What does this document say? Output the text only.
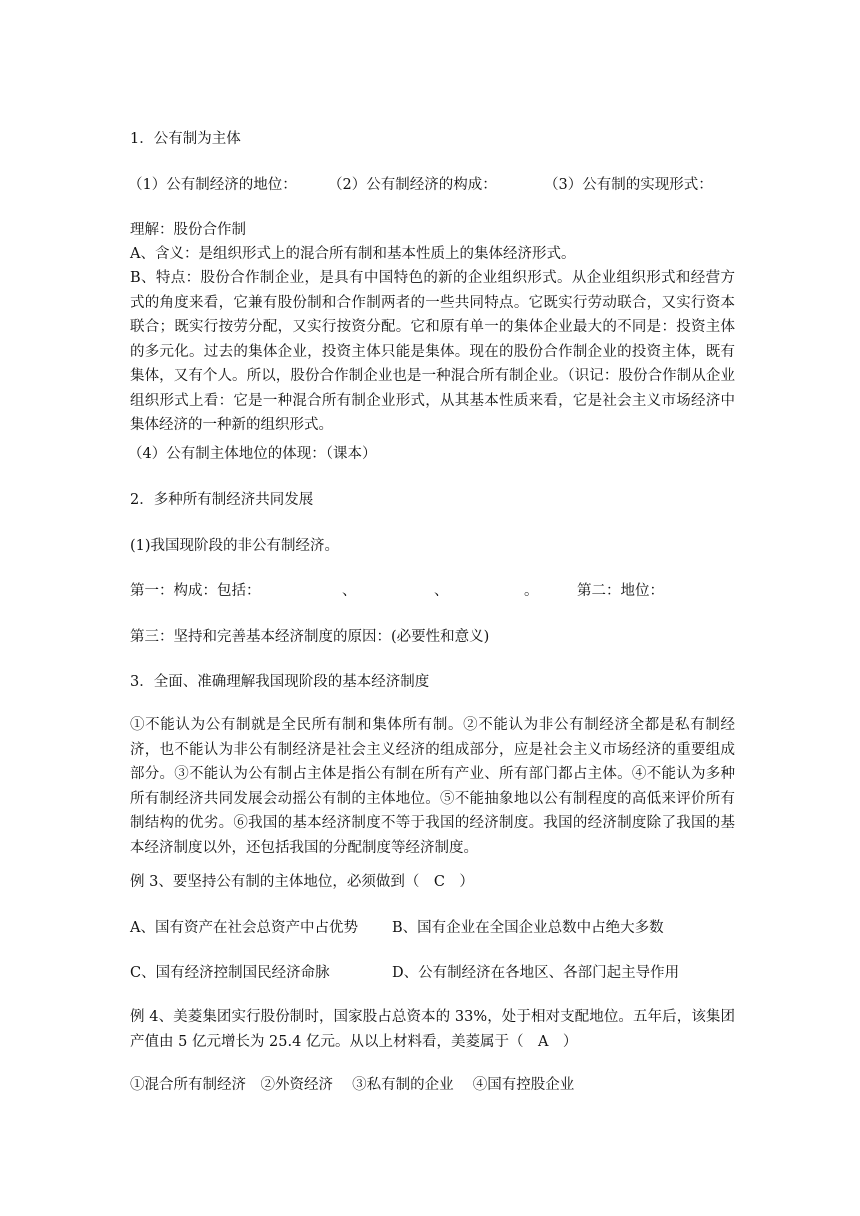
1．公有制为主体
（1）公有制经济的地位： （2）公有制经济的构成：	（3）公有制的实现形式：
理解：股份合作制
A、含义：是组织形式上的混合所有制和基本性质上的集体经济形式。
B、特点：股份合作制企业，是具有中国特色的新的企业组织形式。从企业组织形式和经营方式的角度来看，它兼有股份制和合作制两者的一些共同特点。它既实行劳动联合，又实行资本联合；既实行按劳分配，又实行按资分配。它和原有单一的集体企业最大的不同是：投资主体的多元化。过去的集体企业，投资主体只能是集体。现在的股份合作制企业的投资主体，既有集体，又有个人。所以，股份合作制企业也是一种混合所有制企业。（识记：股份合作制从企业组织形式上看：它是一种混合所有制企业形式，从其基本性质来看，它是社会主义市场经济中集体经济的一种新的组织形式。
（4）公有制主体地位的体现：（课本）
2．多种所有制经济共同发展
(1)我国现阶段的非公有制经济。
第一：构成：包括：	、	、	。	第二：地位：
第三：坚持和完善基本经济制度的原因：(必要性和意义)
3．全面、准确理解我国现阶段的基本经济制度
①不能认为公有制就是全民所有制和集体所有制。②不能认为非公有制经济全都是私有制经济，也不能认为非公有制经济是社会主义经济的组成部分，应是社会主义市场经济的重要组成部分。③不能认为公有制占主体是指公有制在所有产业、所有部门都占主体。④不能认为多种所有制经济共同发展会动摇公有制的主体地位。⑤不能抽象地以公有制程度的高低来评价所有制结构的优劣。⑥我国的基本经济制度不等于我国的经济制度。我国的经济制度除了我国的基本经济制度以外，还包括我国的分配制度等经济制度。
例 3、要坚持公有制的主体地位，必须做到（　C　）
A、国有资产在社会总资产中占优势 B、国有企业在全国企业总数中占绝大多数
C、国有经济控制国民经济命脉	D、公有制经济在各地区、各部门起主导作用
例 4、美菱集团实行股份制时，国家股占总资本的 33%，处于相对支配地位。五年后，该集团产值由 5 亿元增长为 25.4 亿元。从以上材料看，美菱属于（　A　）
①混合所有制经济　②外资经济　 ③私有制的企业　 ④国有控股企业
